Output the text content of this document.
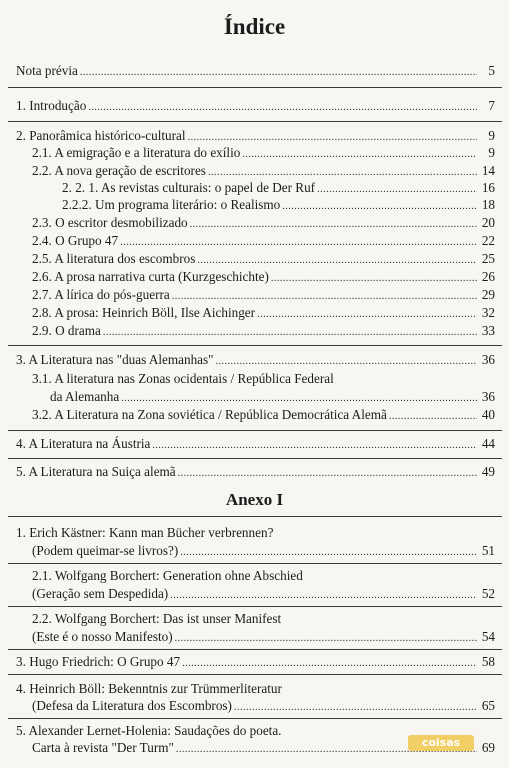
Índice
Nota prévia .....	5
1. Introdução .....	7
2. Panorâmica histórico-cultural .....	9
2.1. A emigração e a literatura do exílio .....	9
2.2. A nova geração de escritores .....	14
2. 2. 1. As revistas culturais: o papel de Der Ruf .....	16
2.2.2. Um programa literário: o Realismo .....	18
2.3. O escritor desmobilizado .....	20
2.4. O Grupo 47 .....	22
2.5. A literatura dos escombros .....	25
2.6. A prosa narrativa curta (Kurzgeschichte) .....	26
2.7. A lírica do pós-guerra .....	29
2.8. A prosa: Heinrich Böll, Ilse Aichinger .....	32
2.9. O drama .....	33
3. A Literatura nas "duas Alemanhas" .....	36
3.1. A literatura nas Zonas ocidentais / República Federal
da Alemanha .....	36
3.2. A Literatura na Zona soviética / República Democrática Alemã .....	40
4. A Literatura na Áustria .....	44
5. A Literatura na Suiça alemã .....	49
Anexo I
1. Erich Kästner: Kann man Bücher verbrennen?
(Podem queimar-se livros?) .....	51
2.1. Wolfgang Borchert: Generation ohne Abschied
(Geração sem Despedida) .....	52
2.2. Wolfgang Borchert: Das ist unser Manifest
(Este é o nosso Manifesto) .....	54
3. Hugo Friedrich: O Grupo 47 .....	58
4. Heinrich Böll: Bekenntnis zur Trümmerliteratur
(Defesa da Literatura dos Escombros) .....	65
5. Alexander Lernet-Holenia: Saudações do poeta.
Carta à revista "Der Turm" .....	69
coisas
